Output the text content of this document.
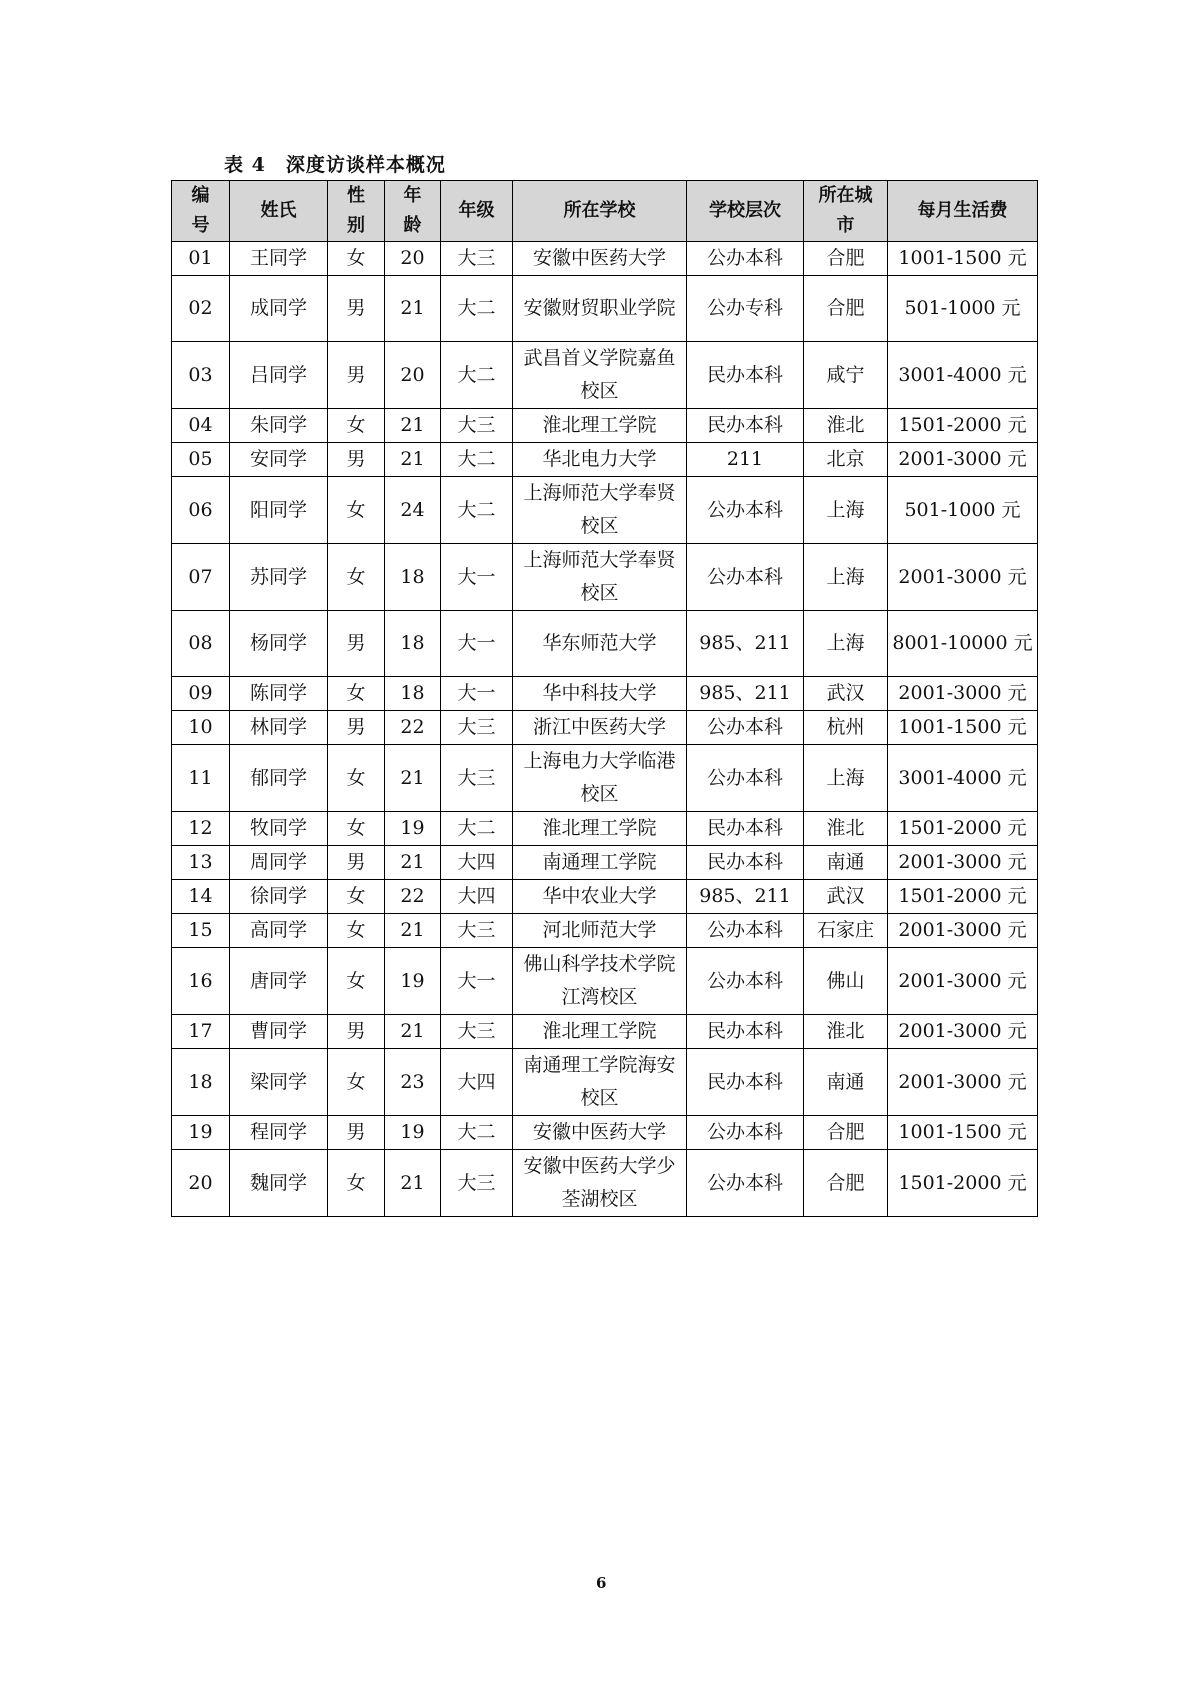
表 4 深度访谈样本概况
编号	姓氏	性别	年龄	年级	所在学校	学校层次	所在城市	每月生活费
01	王同学	女	20	大三	安徽中医药大学	公办本科	合肥	1001-1500 元
02	成同学	男	21	大二	安徽财贸职业学院	公办专科	合肥	501-1000 元
03	吕同学	男	20	大二	武昌首义学院嘉鱼校区	民办本科	咸宁	3001-4000 元
04	朱同学	女	21	大三	淮北理工学院	民办本科	淮北	1501-2000 元
05	安同学	男	21	大二	华北电力大学	211	北京	2001-3000 元
06	阳同学	女	24	大二	上海师范大学奉贤校区	公办本科	上海	501-1000 元
07	苏同学	女	18	大一	上海师范大学奉贤校区	公办本科	上海	2001-3000 元
08	杨同学	男	18	大一	华东师范大学	985、211	上海	8001-10000 元
09	陈同学	女	18	大一	华中科技大学	985、211	武汉	2001-3000 元
10	林同学	男	22	大三	浙江中医药大学	公办本科	杭州	1001-1500 元
11	郁同学	女	21	大三	上海电力大学临港校区	公办本科	上海	3001-4000 元
12	牧同学	女	19	大二	淮北理工学院	民办本科	淮北	1501-2000 元
13	周同学	男	21	大四	南通理工学院	民办本科	南通	2001-3000 元
14	徐同学	女	22	大四	华中农业大学	985、211	武汉	1501-2000 元
15	高同学	女	21	大三	河北师范大学	公办本科	石家庄	2001-3000 元
16	唐同学	女	19	大一	佛山科学技术学院江湾校区	公办本科	佛山	2001-3000 元
17	曹同学	男	21	大三	淮北理工学院	民办本科	淮北	2001-3000 元
18	梁同学	女	23	大四	南通理工学院海安校区	民办本科	南通	2001-3000 元
19	程同学	男	19	大二	安徽中医药大学	公办本科	合肥	1001-1500 元
20	魏同学	女	21	大三	安徽中医药大学少荃湖校区	公办本科	合肥	1501-2000 元
6
